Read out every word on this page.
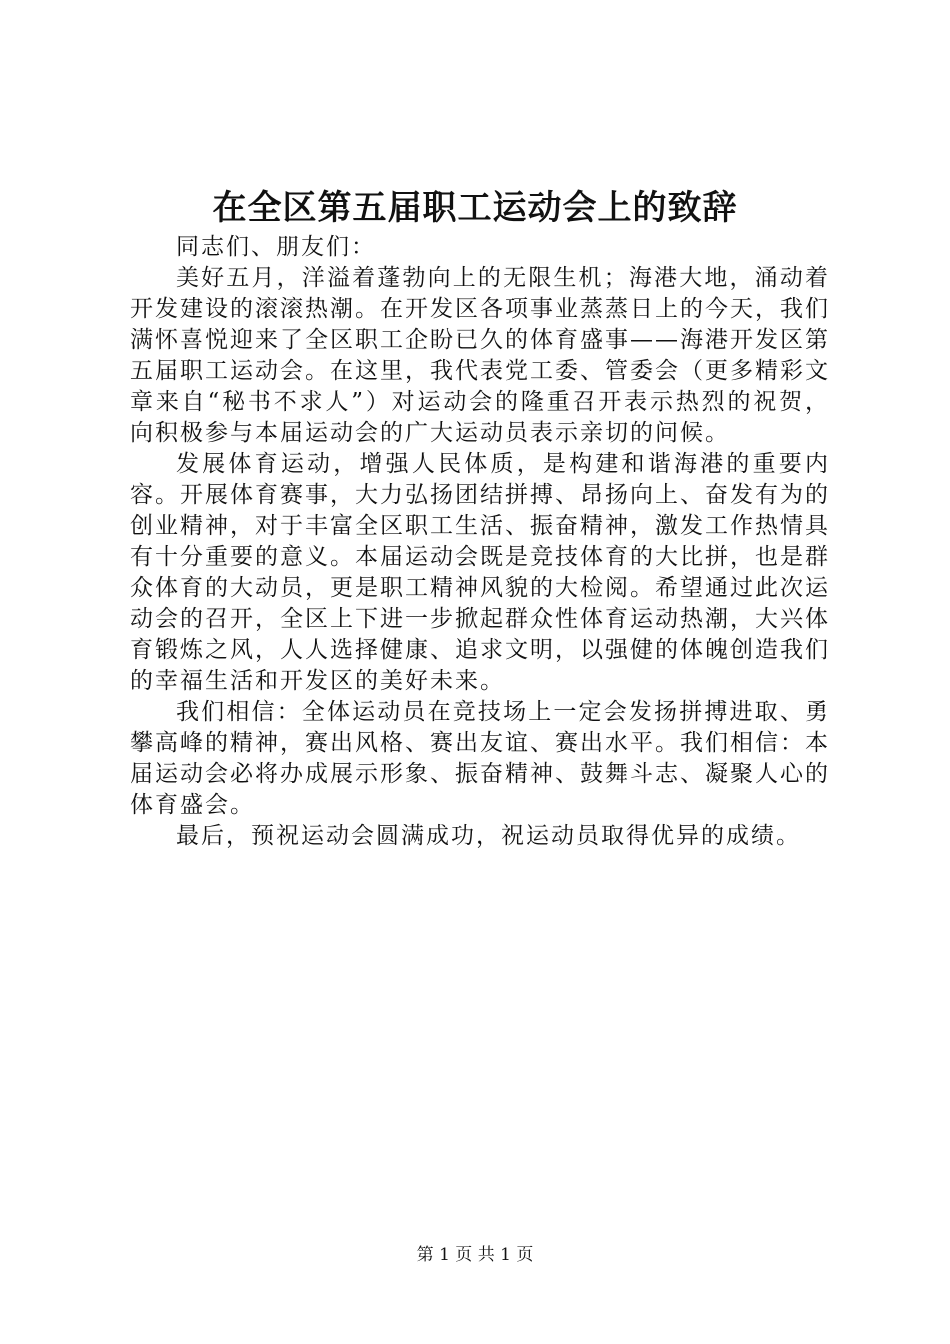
在全区第五届职工运动会上的致辞

同志们、朋友们：

美好五月，洋溢着蓬勃向上的无限生机；海港大地，涌动着开发建设的滚滚热潮。在开发区各项事业蒸蒸日上的今天，我们满怀喜悦迎来了全区职工企盼已久的体育盛事——海港开发区第五届职工运动会。在这里，我代表党工委、管委会（更多精彩文章来自“秘书不求人”）对运动会的隆重召开表示热烈的祝贺，向积极参与本届运动会的广大运动员表示亲切的问候。

发展体育运动，增强人民体质，是构建和谐海港的重要内容。开展体育赛事，大力弘扬团结拼搏、昂扬向上、奋发有为的创业精神，对于丰富全区职工生活、振奋精神，激发工作热情具有十分重要的意义。本届运动会既是竞技体育的大比拼，也是群众体育的大动员，更是职工精神风貌的大检阅。希望通过此次运动会的召开，全区上下进一步掀起群众性体育运动热潮，大兴体育锻炼之风，人人选择健康、追求文明，以强健的体魄创造我们的幸福生活和开发区的美好未来。

我们相信：全体运动员在竞技场上一定会发扬拼搏进取、勇攀高峰的精神，赛出风格、赛出友谊、赛出水平。我们相信：本届运动会必将办成展示形象、振奋精神、鼓舞斗志、凝聚人心的体育盛会。

最后，预祝运动会圆满成功，祝运动员取得优异的成绩。

第 1 页 共 1 页
